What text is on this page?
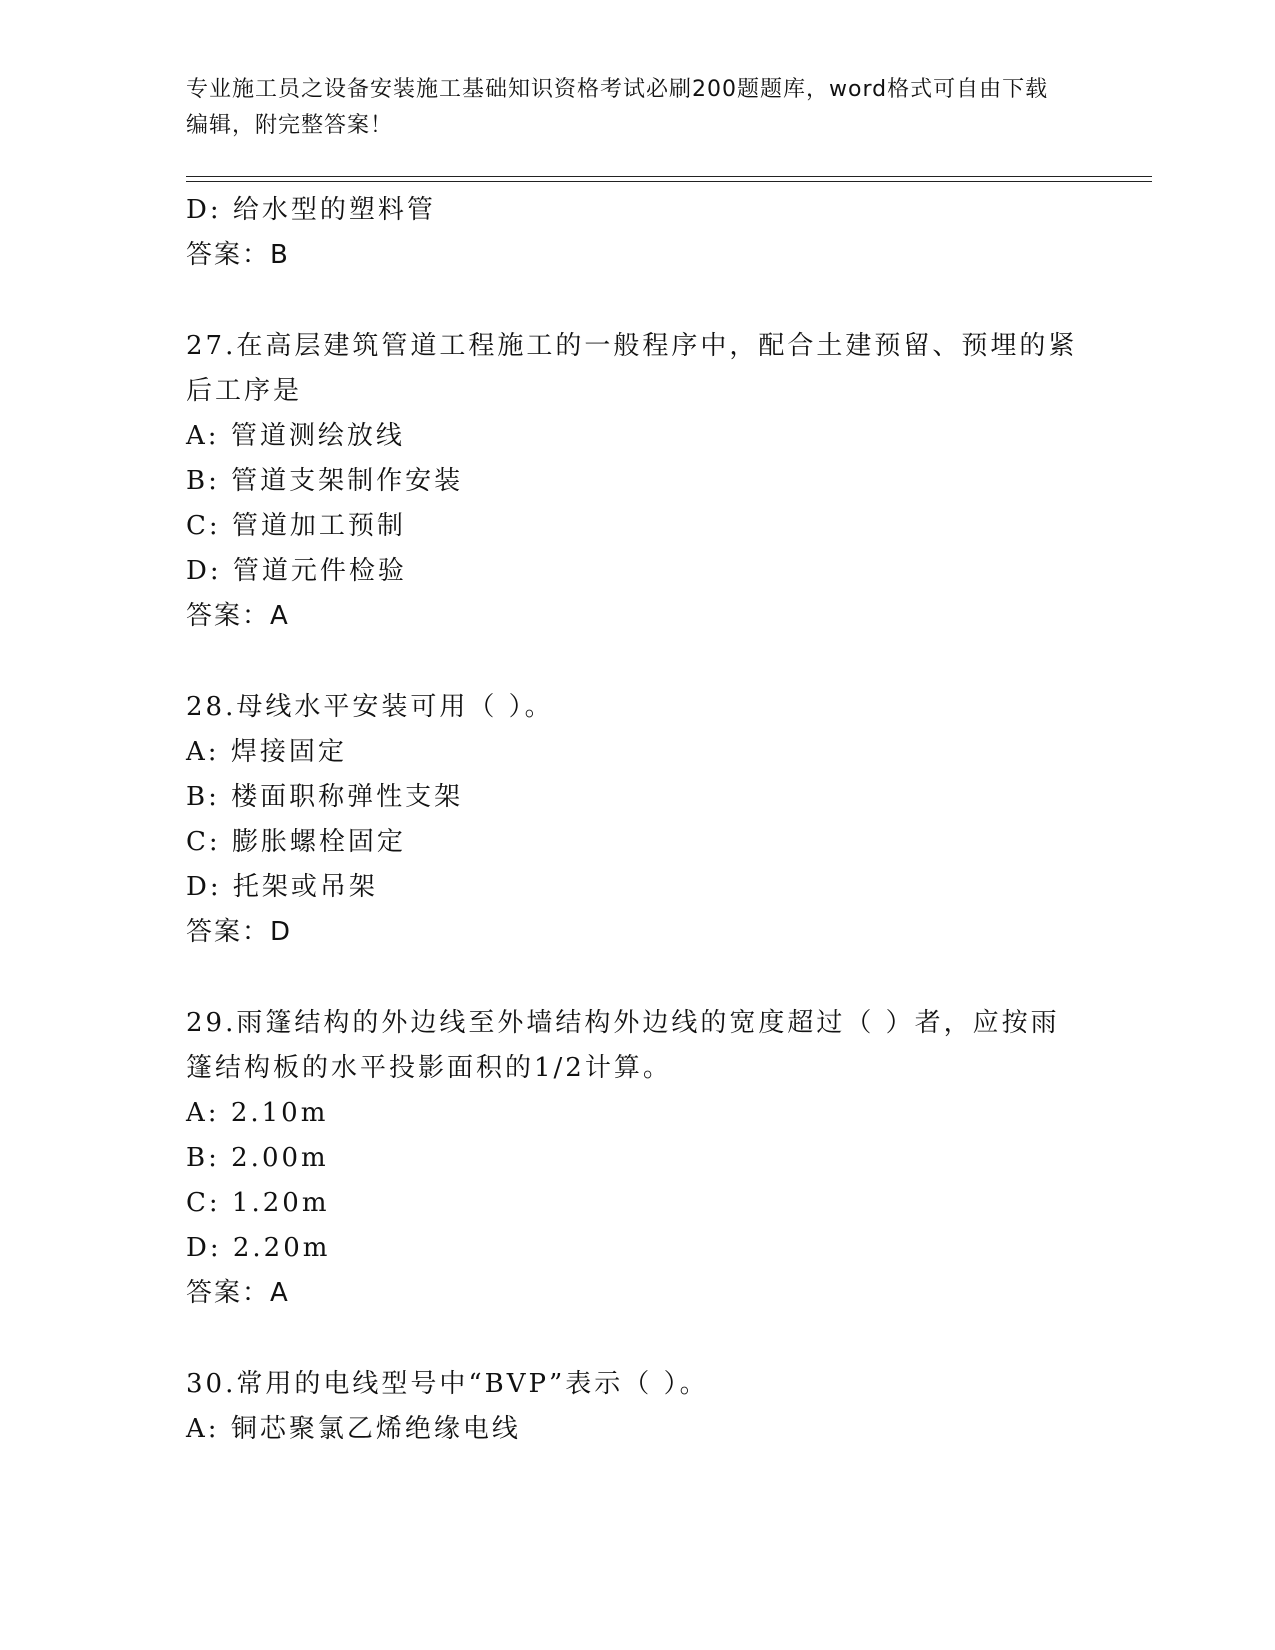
专业施工员之设备安装施工基础知识资格考试必刷200题题库，word格式可自由下载编辑，附完整答案！
D: 给水型的塑料管
答案：B
27.在高层建筑管道工程施工的一般程序中，配合土建预留、预埋的紧后工序是
A: 管道测绘放线
B: 管道支架制作安装
C: 管道加工预制
D: 管道元件检验
答案：A
28.母线水平安装可用（ ）。
A: 焊接固定
B: 楼面职称弹性支架
C: 膨胀螺栓固定
D: 托架或吊架
答案：D
29.雨篷结构的外边线至外墙结构外边线的宽度超过（ ）者，应按雨篷结构板的水平投影面积的1/2计算。
A: 2.10m
B: 2.00m
C: 1.20m
D: 2.20m
答案：A
30.常用的电线型号中“BVP”表示（ ）。
A: 铜芯聚氯乙烯绝缘电线
